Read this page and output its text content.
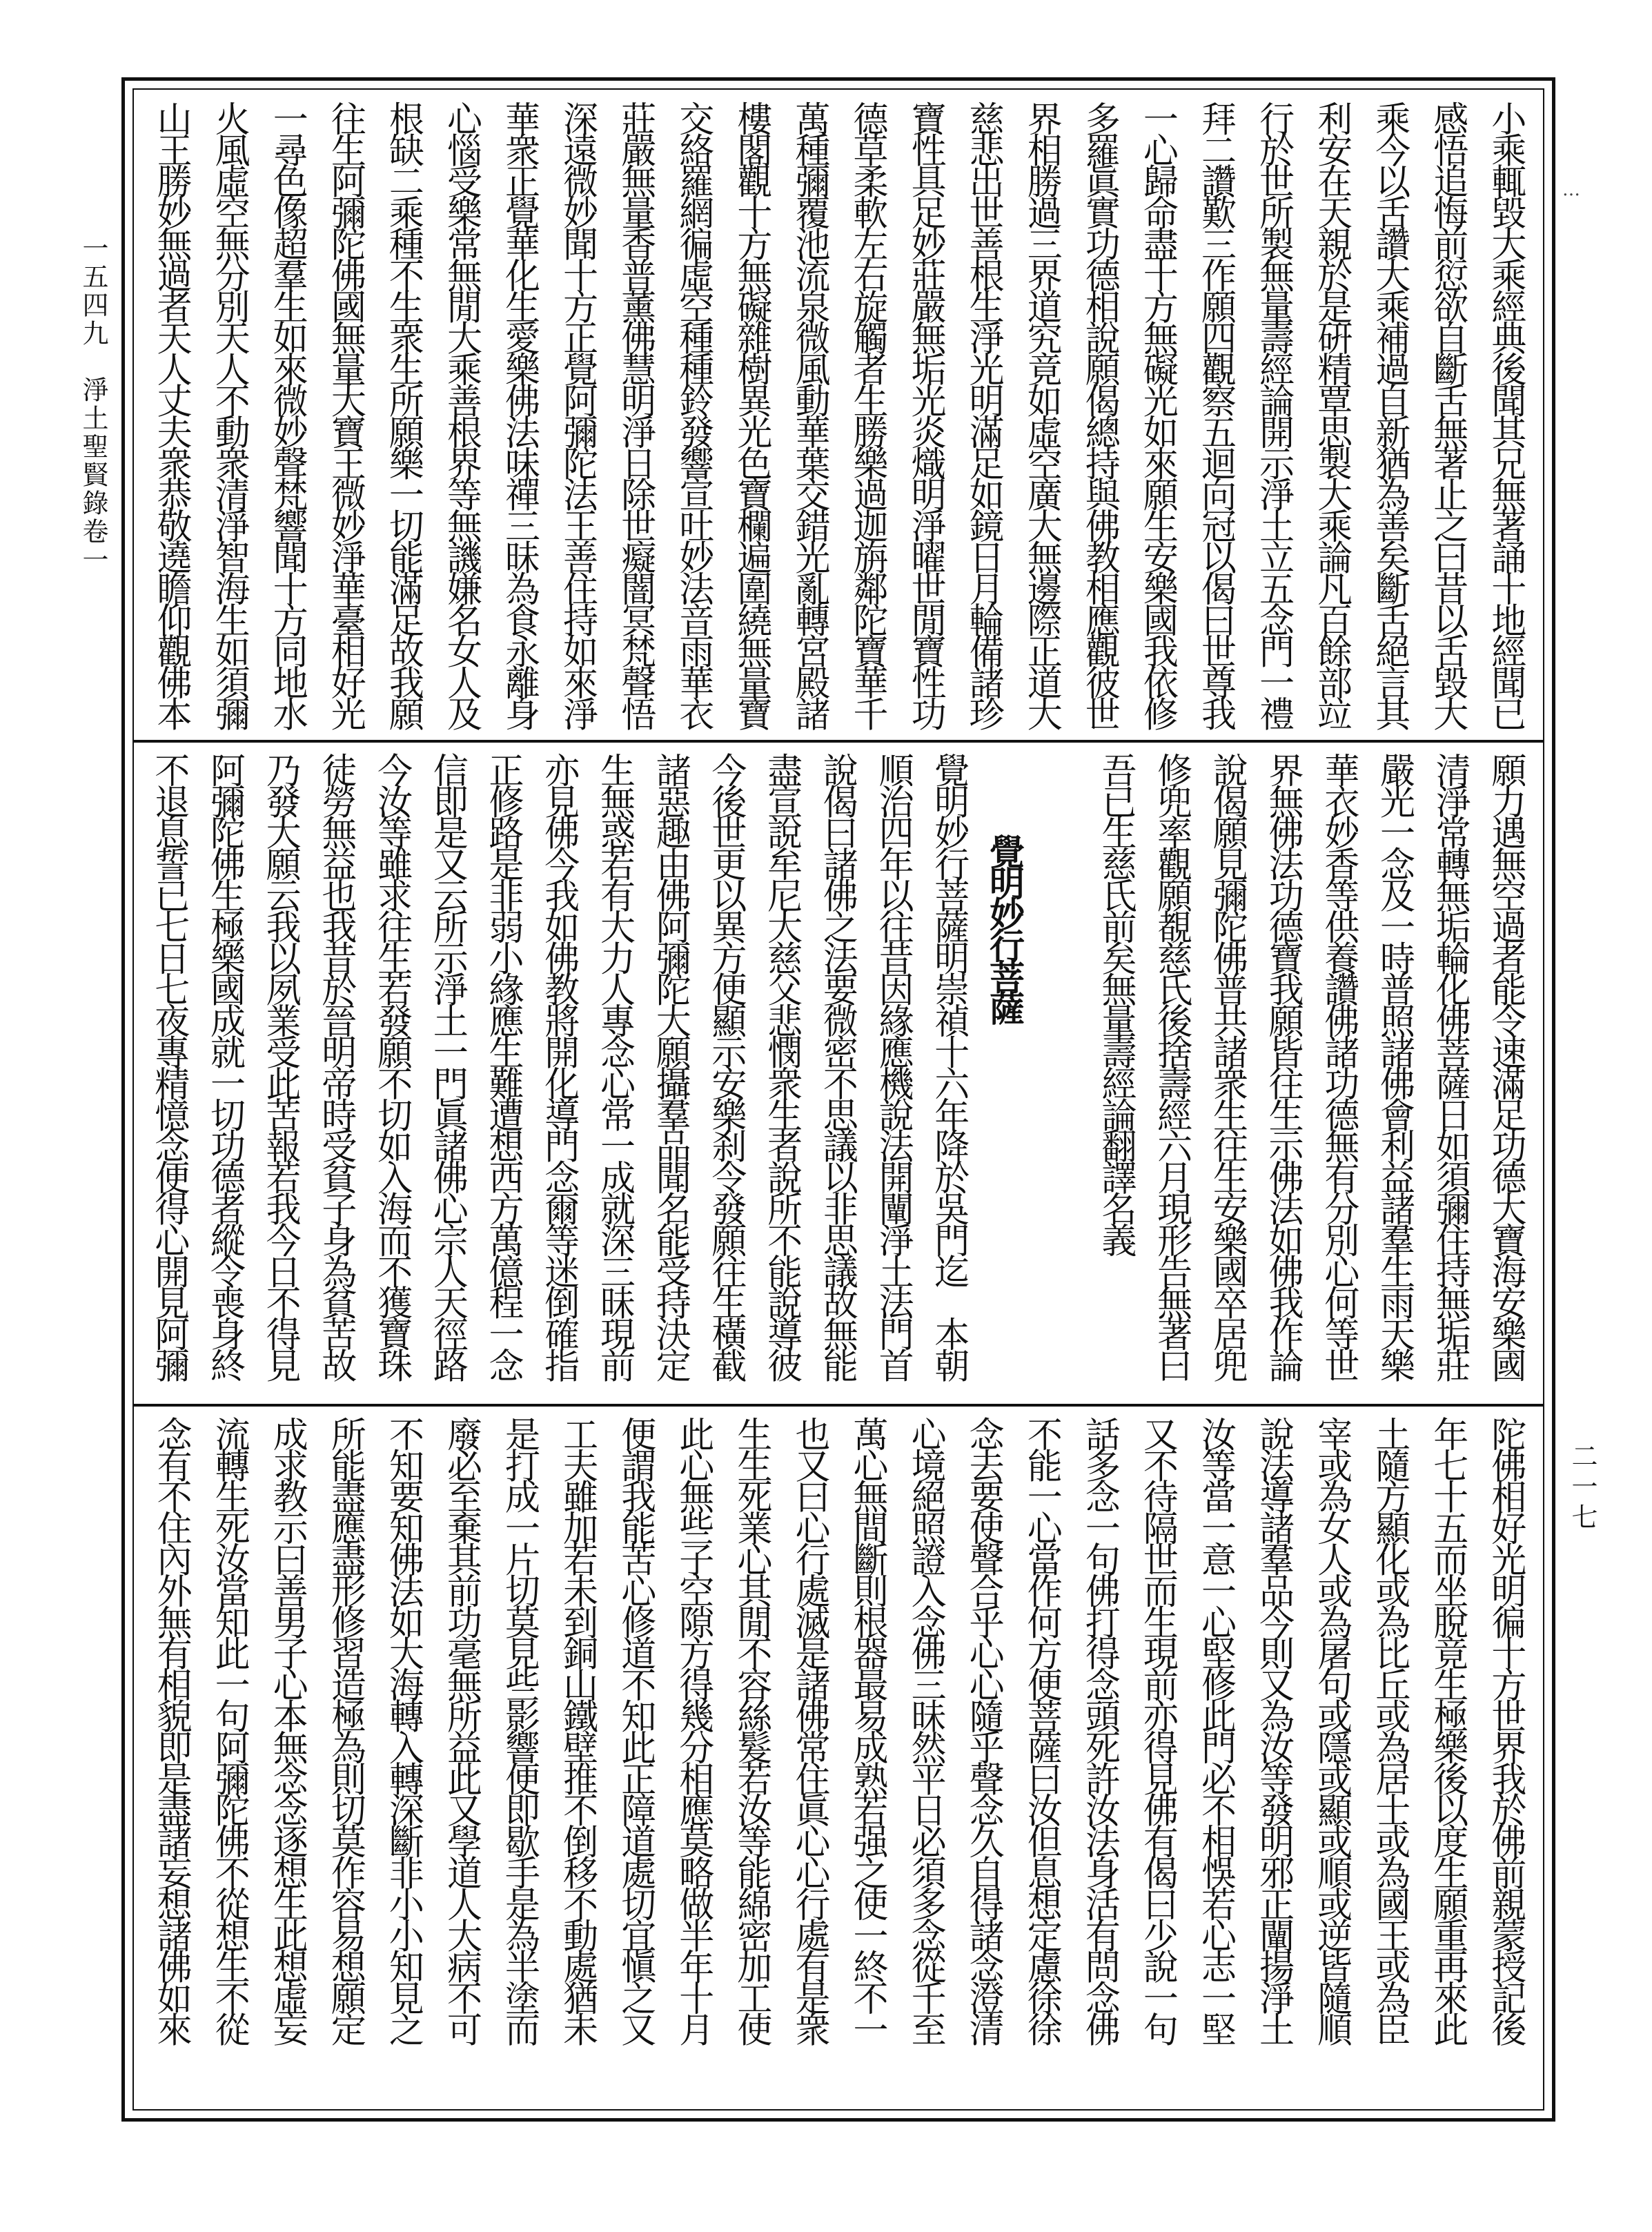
小乘輒毀大乘經典後聞其兄無著誦十地經聞已
感悟追悔前愆欲自斷舌無著止之曰昔以舌毀大
乘今以舌讚大乘補過自新猶為善矣斷舌絕言其
利安在天親於是硏精覃思製大乘論凡百餘部竝
行於世所製無量壽經論開示淨土立五念門一禮
拜二讚歎三作願四觀察五迴向冠以偈曰世尊我
一心歸命盡十方無礙光如來願生安樂國我依修
多羅眞實功德相說願偈總持與佛教相應觀彼世
界相勝過三界道究竟如虛空廣大無邊際正道大
慈悲出世善根生淨光明滿足如鏡日月輪備諸珍
寶性具足妙莊嚴無垢光炎熾明淨曜世閒寶性功
德草柔軟左右旋觸者生勝樂過迦旃鄰陀寶華千
萬種彌覆池流泉微風動華葉交錯光亂轉宮殿諸
樓閣觀十方無礙雜樹異光色寶欄遍圍繞無量寶
交絡羅網徧虛空種種鈴發響宣吐妙法音雨華衣
莊嚴無量香普薰佛慧明淨日除世癡闇冥梵聲悟
深遠微妙聞十方正覺阿彌陀法王善住持如來淨
華衆正覺華化生愛樂佛法味禪三昧為食永離身
心惱受樂常無閒大乘善根界等無譏嫌名女人及
根缺二乘種不生衆生所願樂一切能滿足故我願
往生阿彌陀佛國無量大寶王微妙淨華臺相好光
一尋色像超羣生如來微妙聲梵響聞十方同地水
火風虛空無分別天人不動衆清淨智海生如須彌
山王勝妙無過者天人丈夫衆恭敬遶瞻仰觀佛本
願力遇無空過者能令速滿足功德大寶海安樂國
清淨常轉無垢輪化佛菩薩日如須彌住持無垢莊
嚴光一念及一時普照諸佛會利益諸羣生雨天樂
華衣妙香等供養讚佛諸功德無有分別心何等世
界無佛法功德寶我願皆往生示佛法如佛我作論
說偈願見彌陀佛普共諸衆生往生安樂國卒居兜
修兜率觀願覩慈氏後捨壽經六月現形告無著曰
吾已生慈氏前矣無量壽經論翻譯名義
覺明妙行菩薩
覺明妙行菩薩明崇禎十六年降於吳門迄　本朝
順治四年以往昔因緣應機說法開闡淨土法門首
說偈曰諸佛之法要微密不思議以非思議故無能
盡宣說牟尼大慈父悲憫衆生者說所不能說導彼
今後世更以異方便顯示安樂刹令發願往生橫截
諸惡趣由佛阿彌陀大願攝羣品聞名能受持決定
生無惑若有大力人專念心常一成就深三昧現前
亦見佛今我如佛教將開化導門念爾等迷倒確指
正修路是非弱小緣應生難遭想西方萬億程一念
信即是又云所示淨土一門眞諸佛心宗人天徑路
今汝等雖求往生若發願不切如入海而不獲寶珠
徒勞無益也我昔於晉明帝時受貧子身為貧苦故
乃發大願云我以夙業受此苦報若我今日不得見
阿彌陀佛生極樂國成就一切功德者縱令喪身終
不退息誓已七日七夜專精憶念便得心開見阿彌
陀佛相好光明徧十方世界我於佛前親蒙授記後
年七十五而坐脫竟生極樂後以度生願重再來此
土隨方顯化或為比丘或為居士或為國王或為臣
宰或為女人或為屠句或隱或顯或順或逆皆隨順
說法導諸羣品今則又為汝等發明邪正闡揚淨土
汝等當一意一心堅修此門必不相悞若心志一堅
又不待隔世而生現前亦得見佛有偈曰少說一句
話多念一句佛打得念頭死許汝法身活有問念佛
不能一心當作何方便菩薩曰汝但息想定慮徐徐
念去要使聲合乎心心隨乎聲念久自得諸念澄清
心境絕照證入念佛三昧然平日必須多念從千至
萬心無間斷則根器最易成熟若强之使一終不一
也又曰心行處滅是諸佛常住眞心心行處有是衆
生生死業心其閒不容絲髮若汝等能綿密加工使
此心無些子空隙方得幾分相應莫略做半年十月
便謂我能苦心修道不知此正障道處切宜愼之又
工夫雖加若未到銅山鐵壁推不倒移不動處猶未
是打成一片切莫見些影響便即歇手是為半塗而
廢必至棄其前功毫無所益此又學道人大病不可
不知要知佛法如大海轉入轉深斷非小小知見之
所能盡應盡形修習造極為則切莫作容易想願定
成求教示曰善男子心本無念念逐想生此想虛妄
流轉生死汝當知此一句阿彌陀佛不從想生不從
念有不住內外無有相貌即是盡諸妄想諸佛如來
一五四九　淨土聖賢錄卷一
…
二一七
